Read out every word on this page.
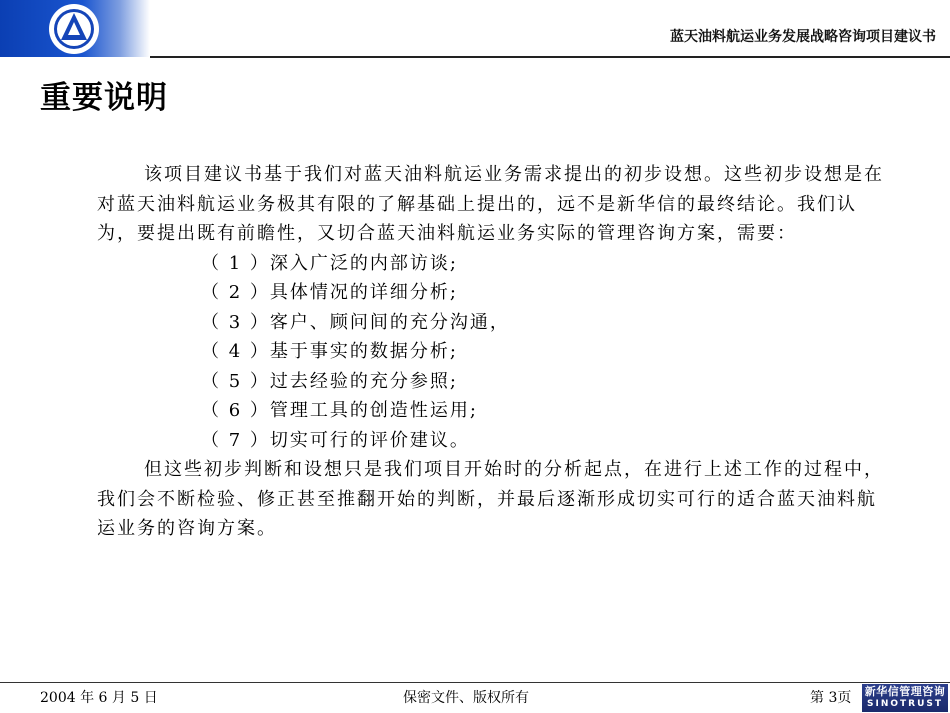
蓝天油料航运业务发展战略咨询项目建议书
重要说明

该项目建议书基于我们对蓝天油料航运业务需求提出的初步设想。这些初步设想是在对蓝天油料航运业务极其有限的了解基础上提出的，远不是新华信的最终结论。我们认为，要提出既有前瞻性，又切合蓝天油料航运业务实际的管理咨询方案，需要：

（ 1 ）深入广泛的内部访谈;
（ 2 ）具体情况的详细分析;
（ 3 ）客户、顾问间的充分沟通，
（ 4 ）基于事实的数据分析;
（ 5 ）过去经验的充分参照;
（ 6 ）管理工具的创造性运用;
（ 7 ）切实可行的评价建议。

但这些初步判断和设想只是我们项目开始时的分析起点，在进行上述工作的过程中，我们会不断检验、修正甚至推翻开始的判断，并最后逐渐形成切实可行的适合蓝天油料航运业务的咨询方案。

2004 年 6 月 5 日	保密文件、版权所有	第 3页 新华信管理咨询
SINOTRUST
